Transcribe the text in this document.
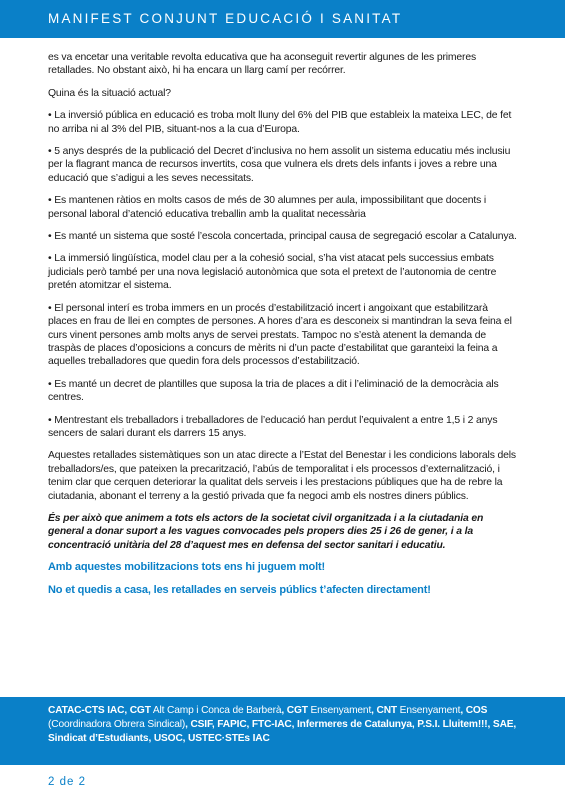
MANIFEST CONJUNT EDUCACIÓ I SANITAT

es va encetar una veritable revolta educativa que ha aconseguit revertir algunes de les primeres retallades. No obstant això, hi ha encara un llarg camí per recórrer.

Quina és la situació actual?

• La inversió pública en educació es troba molt lluny del 6% del PIB que estableix la mateixa LEC, de fet no arriba ni al 3% del PIB, situant-nos a la cua d’Europa.

• 5 anys després de la publicació del Decret d’inclusiva no hem assolit un sistema educatiu més inclusiu per la flagrant manca de recursos invertits, cosa que vulnera els drets dels infants i joves a rebre una educació que s’adigui a les seves necessitats.

• Es mantenen ràtios en molts casos de més de 30 alumnes per aula, impossibilitant que docents i personal laboral d’atenció educativa treballin amb la qualitat necessària

• Es manté un sistema que sosté l’escola concertada, principal causa de segregació escolar a Catalunya.

• La immersió lingüística, model clau per a la cohesió social, s’ha vist atacat pels successius embats judicials però també per una nova legislació autonòmica que sota el pretext de l’autonomia de centre pretén atomitzar el sistema.

• El personal interí es troba immers en un procés d’estabilització incert i angoixant que estabilitzarà places en frau de llei en comptes de persones. A hores d’ara es desconeix si mantindran la seva feina el curs vinent persones amb molts anys de servei prestats. Tampoc no s’està atenent la demanda de traspàs de places d’oposicions a concurs de mèrits ni d’un pacte d’estabilitat que garanteixi la feina a aquelles treballadores que quedin fora dels processos d’estabilització.

• Es manté un decret de plantilles que suposa la tria de places a dit i l’eliminació de la democràcia als centres.

• Mentrestant els treballadors i treballadores de l’educació han perdut l’equivalent a entre 1,5 i 2 anys sencers de salari durant els darrers 15 anys.

Aquestes retallades sistemàtiques son un atac directe a l’Estat del Benestar i les condicions laborals dels treballadors/es, que pateixen la precarització, l’abús de temporalitat i els processos d’externalització, i tenim clar que cerquen deteriorar la qualitat dels serveis i les prestacions públiques que ha de rebre la ciutadania, abonant el terreny a la gestió privada que fa negoci amb els nostres diners públics.

És per això que animem a tots els actors de la societat civil organitzada i a la ciutadania en general a donar suport a les vagues convocades pels propers dies 25 i 26 de gener, i a la concentració unitària del 28 d’aquest mes en defensa del sector sanitari i educatiu.

Amb aquestes mobilitzacions tots ens hi juguem molt!

No et quedis a casa, les retallades en serveis públics t’afecten directament!

CATAC-CTS IAC, CGT Alt Camp i Conca de Barberà, CGT Ensenyament, CNT Ensenyament, COS (Coordinadora Obrera Sindical), CSIF, FAPIC, FTC-IAC, Infermeres de Catalunya, P.S.I. Lluitem!!!, SAE, Sindicat d’Estudiants, USOC, USTEC·STEs IAC
2 de 2
